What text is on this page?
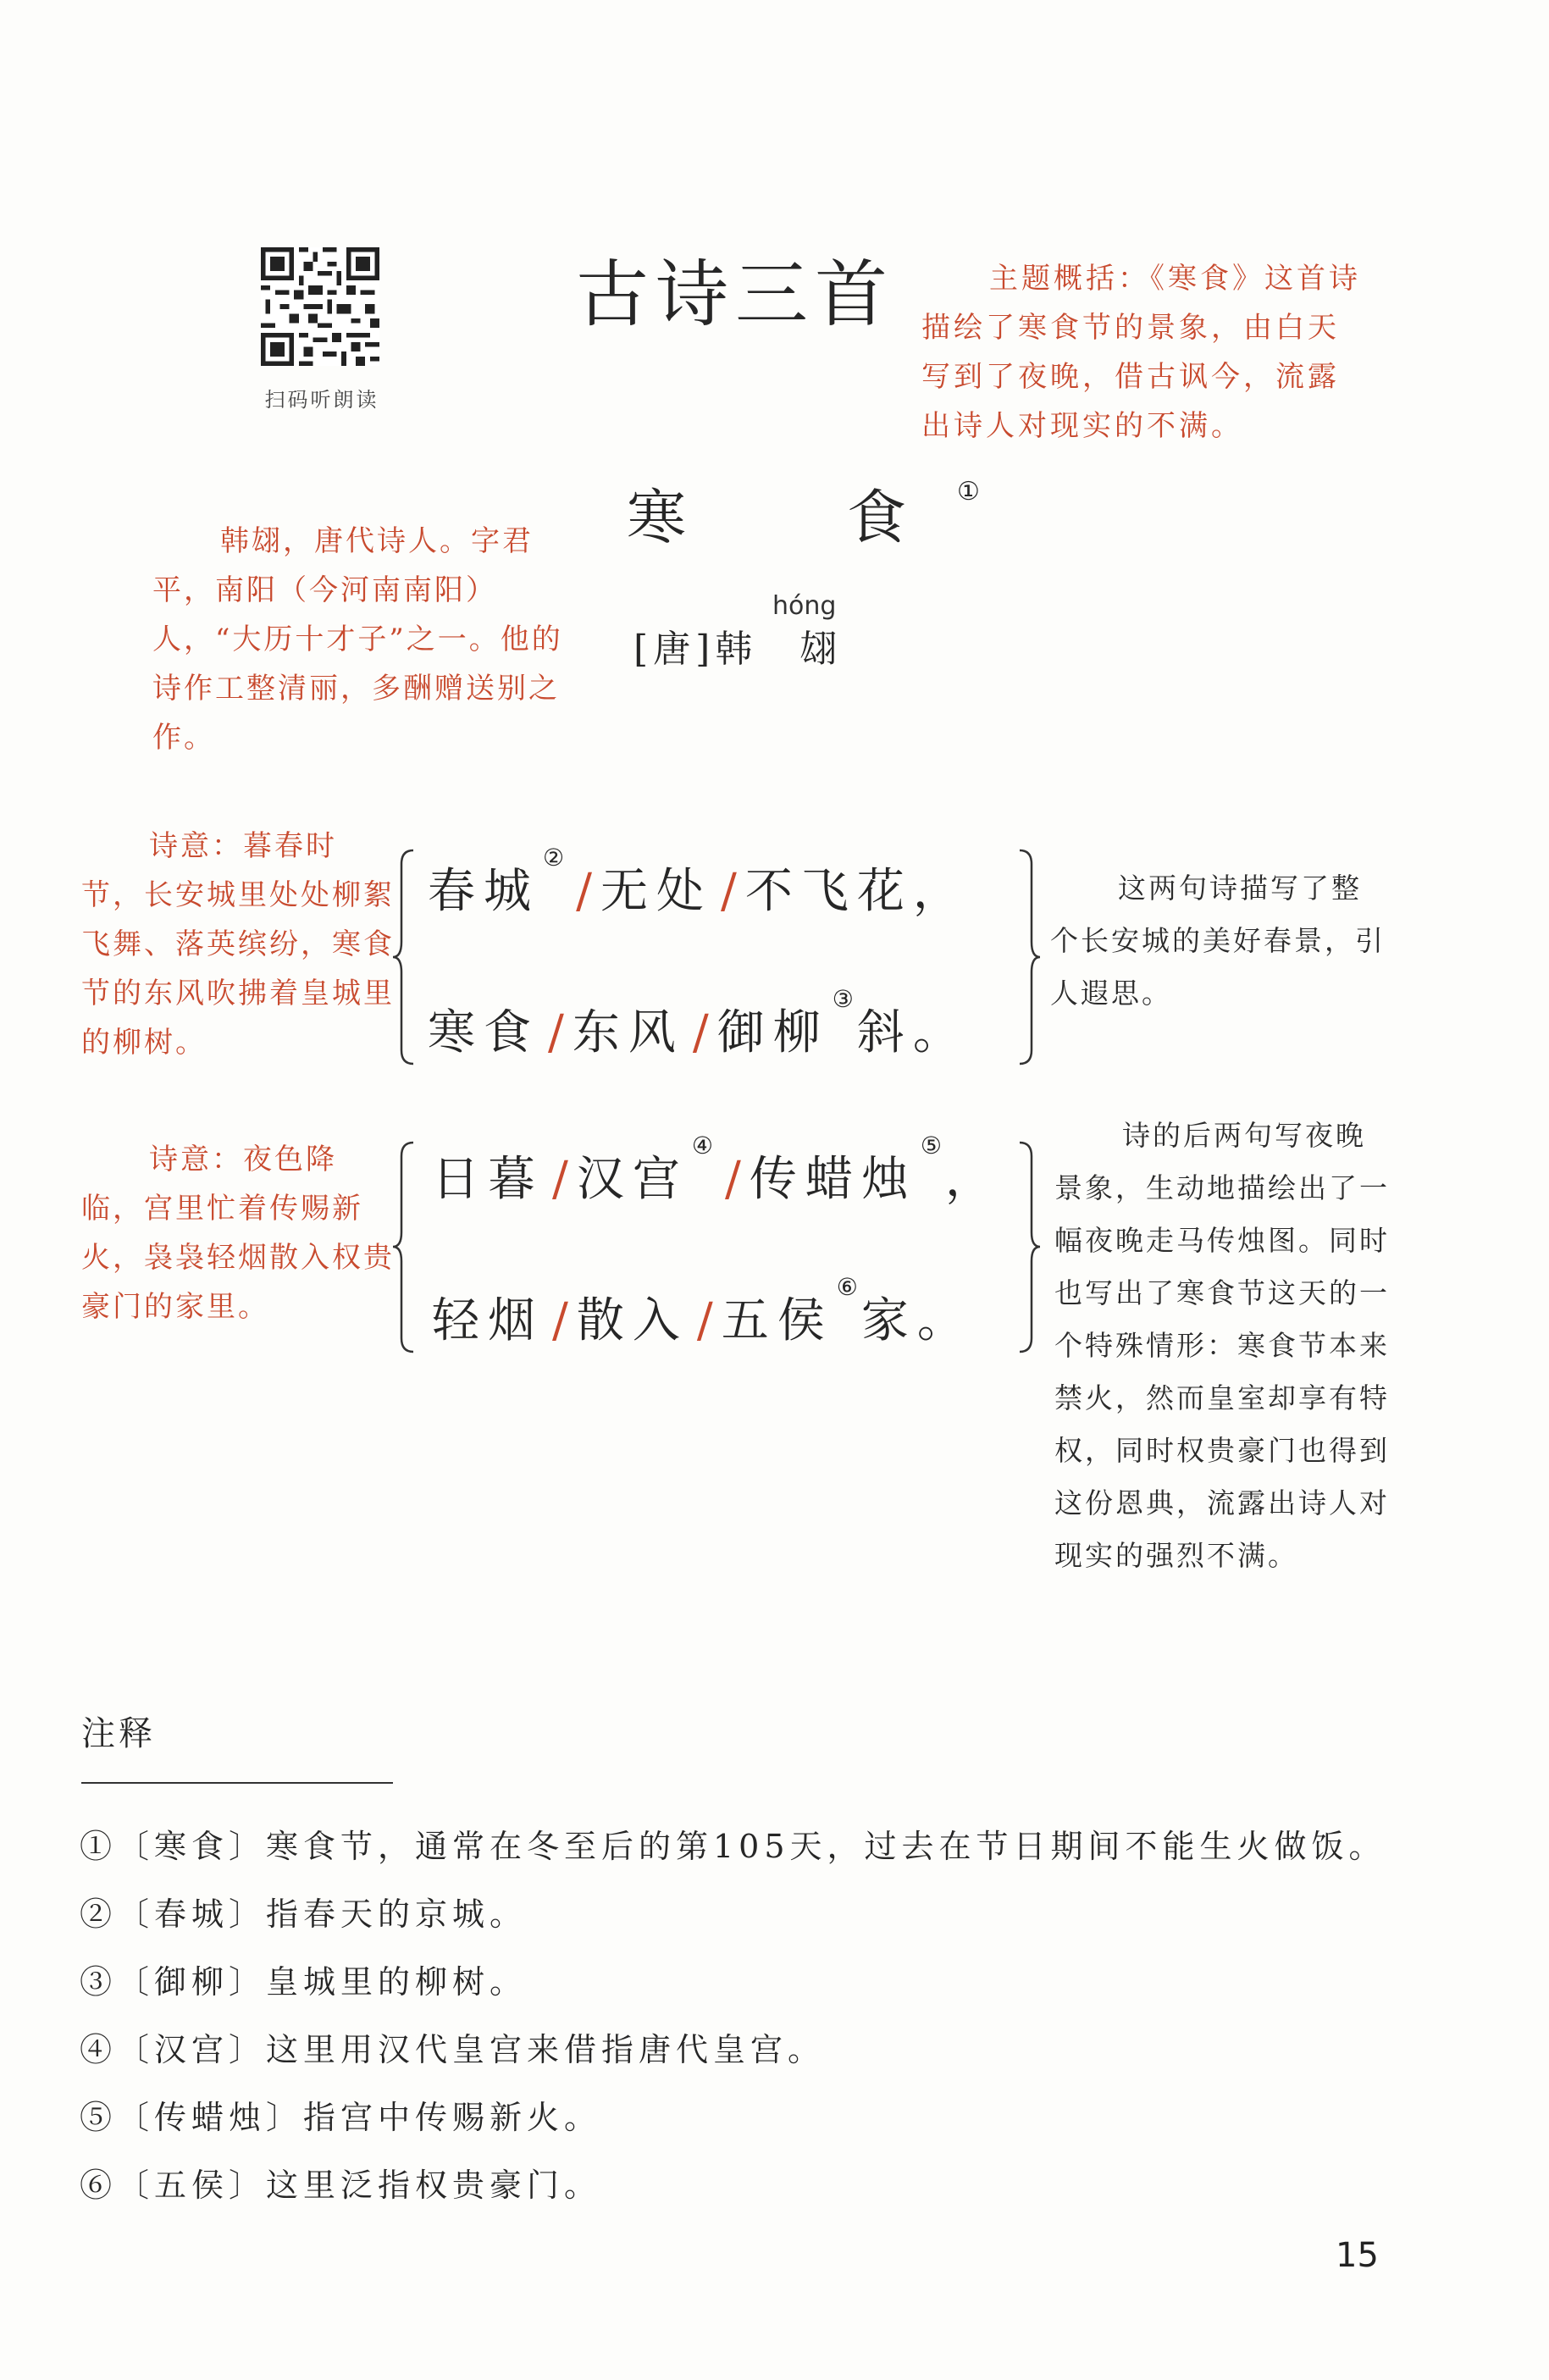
扫码听朗读
古诗三首	主题概括：《寒食》这首诗描绘了寒食节的景象，由白天写到了夜晚，借古讽今，流露出诗人对现实的不满。
寒　食①
hóng
[唐]韩　翃
韩翃，唐代诗人。字君平，南阳（今河南南阳）人，“大历十才子”之一。他的诗作工整清丽，多酬赠送别之作。
诗意：暮春时节，长安城里处处柳絮飞舞、落英缤纷，寒食节的东风吹拂着皇城里的柳树。
诗意：夜色降临，宫里忙着传赐新火，袅袅轻烟散入权贵豪门的家里。
春城②/ 无处 / 不飞花，
寒食 / 东风 / 御柳③斜。
日暮 / 汉宫④/ 传蜡烛⑤，
轻烟 / 散入 / 五侯⑥家。
这两句诗描写了整个长安城的美好春景，引人遐思。
诗的后两句写夜晚景象，生动地描绘出了一幅夜晚走马传烛图。同时也写出了寒食节这天的一个特殊情形：寒食节本来禁火，然而皇室却享有特权，同时权贵豪门也得到这份恩典，流露出诗人对现实的强烈不满。
注释
①〔寒食〕寒食节，通常在冬至后的第105天，过去在节日期间不能生火做饭。
②〔春城〕指春天的京城。
③〔御柳〕皇城里的柳树。
④〔汉宫〕这里用汉代皇宫来借指唐代皇宫。
⑤〔传蜡烛〕指宫中传赐新火。
⑥〔五侯〕这里泛指权贵豪门。
15
